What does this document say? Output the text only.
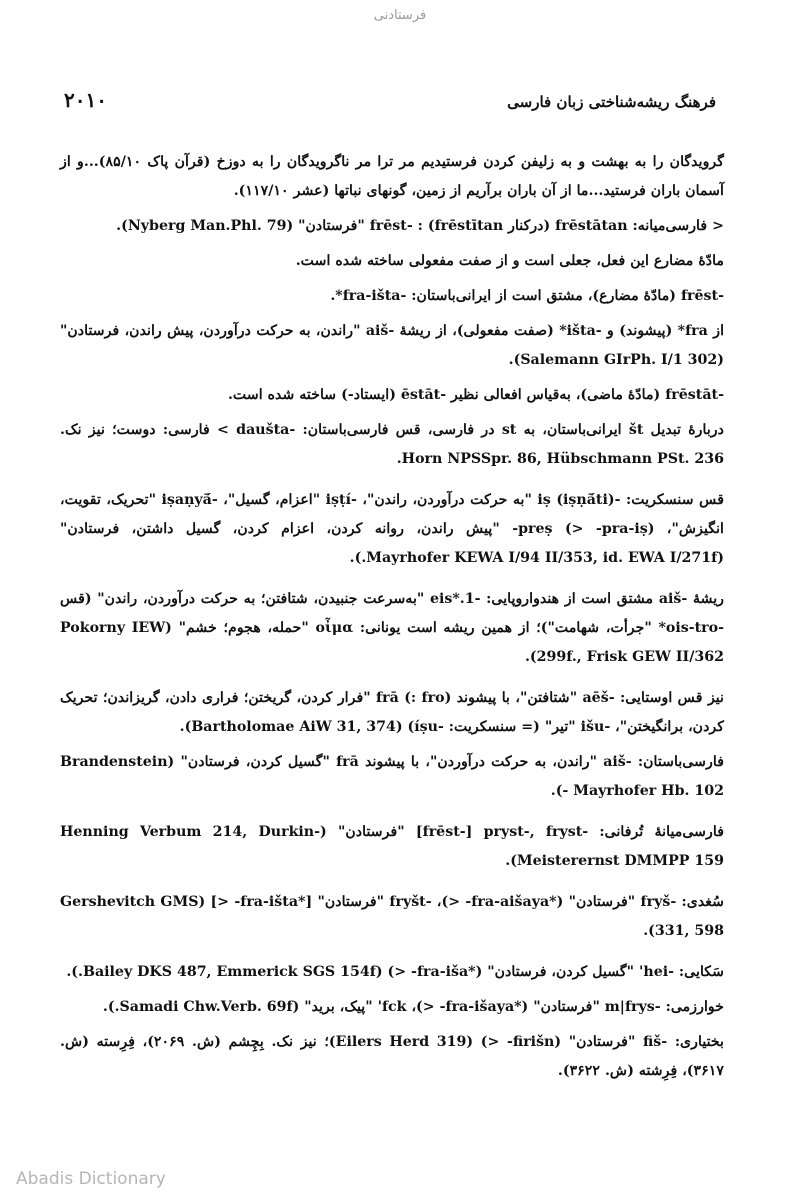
فرستادنی
فرهنگ ریشه‌شناختی زبان فارسی
۲۰۱۰

گرویدگان را به بهشت و به زلیفن کردن فرستیدیم مر ترا مر ناگرویدگان را به دوزخ (قرآن پاک ۸۵/۱۰)...و از آسمان باران فرستید...ما از آن باران برآریم از زمین، گونهای نباتها (عشر ۱۱۷/۱۰).

< فارسی‌میانه: frēstātan (درکنار frēstītan) : -frēst "فرستادن" (Nyberg Man.Phl. 79).

مادّهٔ مضارع این فعل، جعلی است و از صفت مفعولی ساخته شده است.

-frēst (مادّهٔ مضارع)، مشتق است از ایرانی‌باستان: -fra-išta*.

از fra* (پیشوند) و -išta* (صفت مفعولی)، از ریشهٔ -aiš "راندن، به حرکت درآوردن، پیش راندن، فرستادن" (Salemann GIrPh. I/1 302).

-frēstāt (مادّهٔ ماضی)، به‌قیاس افعالی نظیر -ēstāt (ایستاد-) ساخته شده است.

دربارهٔ تبدیل št ایرانی‌باستان، به st در فارسی، قس فارسی‌باستان: -daušta > فارسی: دوست؛ نیز نک. Horn NPSSpr. 86, Hübschmann PSt. 236.

قس سنسکریت: -iṣ (iṣṇā́ti) "به حرکت درآوردن، راندن"، -iṣṭí "اعزام، گسیل"، -iṣaṇyā́ "تحریک، تقویت، انگیزش"، (pra-iṣ- <) preṣ- "پیش راندن، روانه کردن، اعزام کردن، گسیل داشتن، فرستادن" (Mayrhofer KEWA I/94 II/353, id. EWA I/271f.).

ریشهٔ -aiš مشتق است از هندواروپایی: -1.*eis "به‌سرعت جنبیدن، شتافتن؛ به حرکت درآوردن، راندن" (قس -ois-tro* "جرأت، شهامت")؛ از همین ریشه است یونانی: οἶμα "حمله، هجوم؛ خشم" (Pokorny IEW 299f., Frisk GEW II/362).

نیز قس اوستایی: -aēš "شتافتن"، با پیشوند frā (: fro) "فرار کردن، گریختن؛ فراری دادن، گریزاندن؛ تحریک کردن، برانگیختن"، -išu "تیر" (= سنسکریت: -íṣu) (Bartholomae AiW 31, 374).

فارسی‌باستان: -aiš "راندن، به حرکت درآوردن"، با پیشوند frā "گسیل کردن، فرستادن" (Brandenstein Mayrhofer Hb. 102 -).

فارسی‌میانهٔ تُرفانی: -frēst-] pryst-, fryst] "فرستادن" (Henning Verbum 214, Durkin-Meisterernst DMMPP 159).

سُغدی: -fryš "فرستادن" (*fra-aišaya- <)، -fryšt "فرستادن" [*fra-išta- <] (Gershevitch GMS 331, 598).

سَکایی: -hei' "گسیل کردن، فرستادن" (*fra-iša- <) (Bailey DKS 487, Emmerick SGS 154f.).

خوارزمی: -m|frys "فرستادن" (*fra-išaya- <)، fck' "پیک، برید" (Samadi Chw.Verb. 69f.).

بختیاری: -fiš "فرستادن" (firišn- <) (Eilers Herd 319)؛ نیز نک. بِچِشم (ش. ۲۰۶۹)، فِرِسته (ش. ۳۶۱۷)، فِرِشته (ش. ۳۶۲۲).

Abadis Dictionary
